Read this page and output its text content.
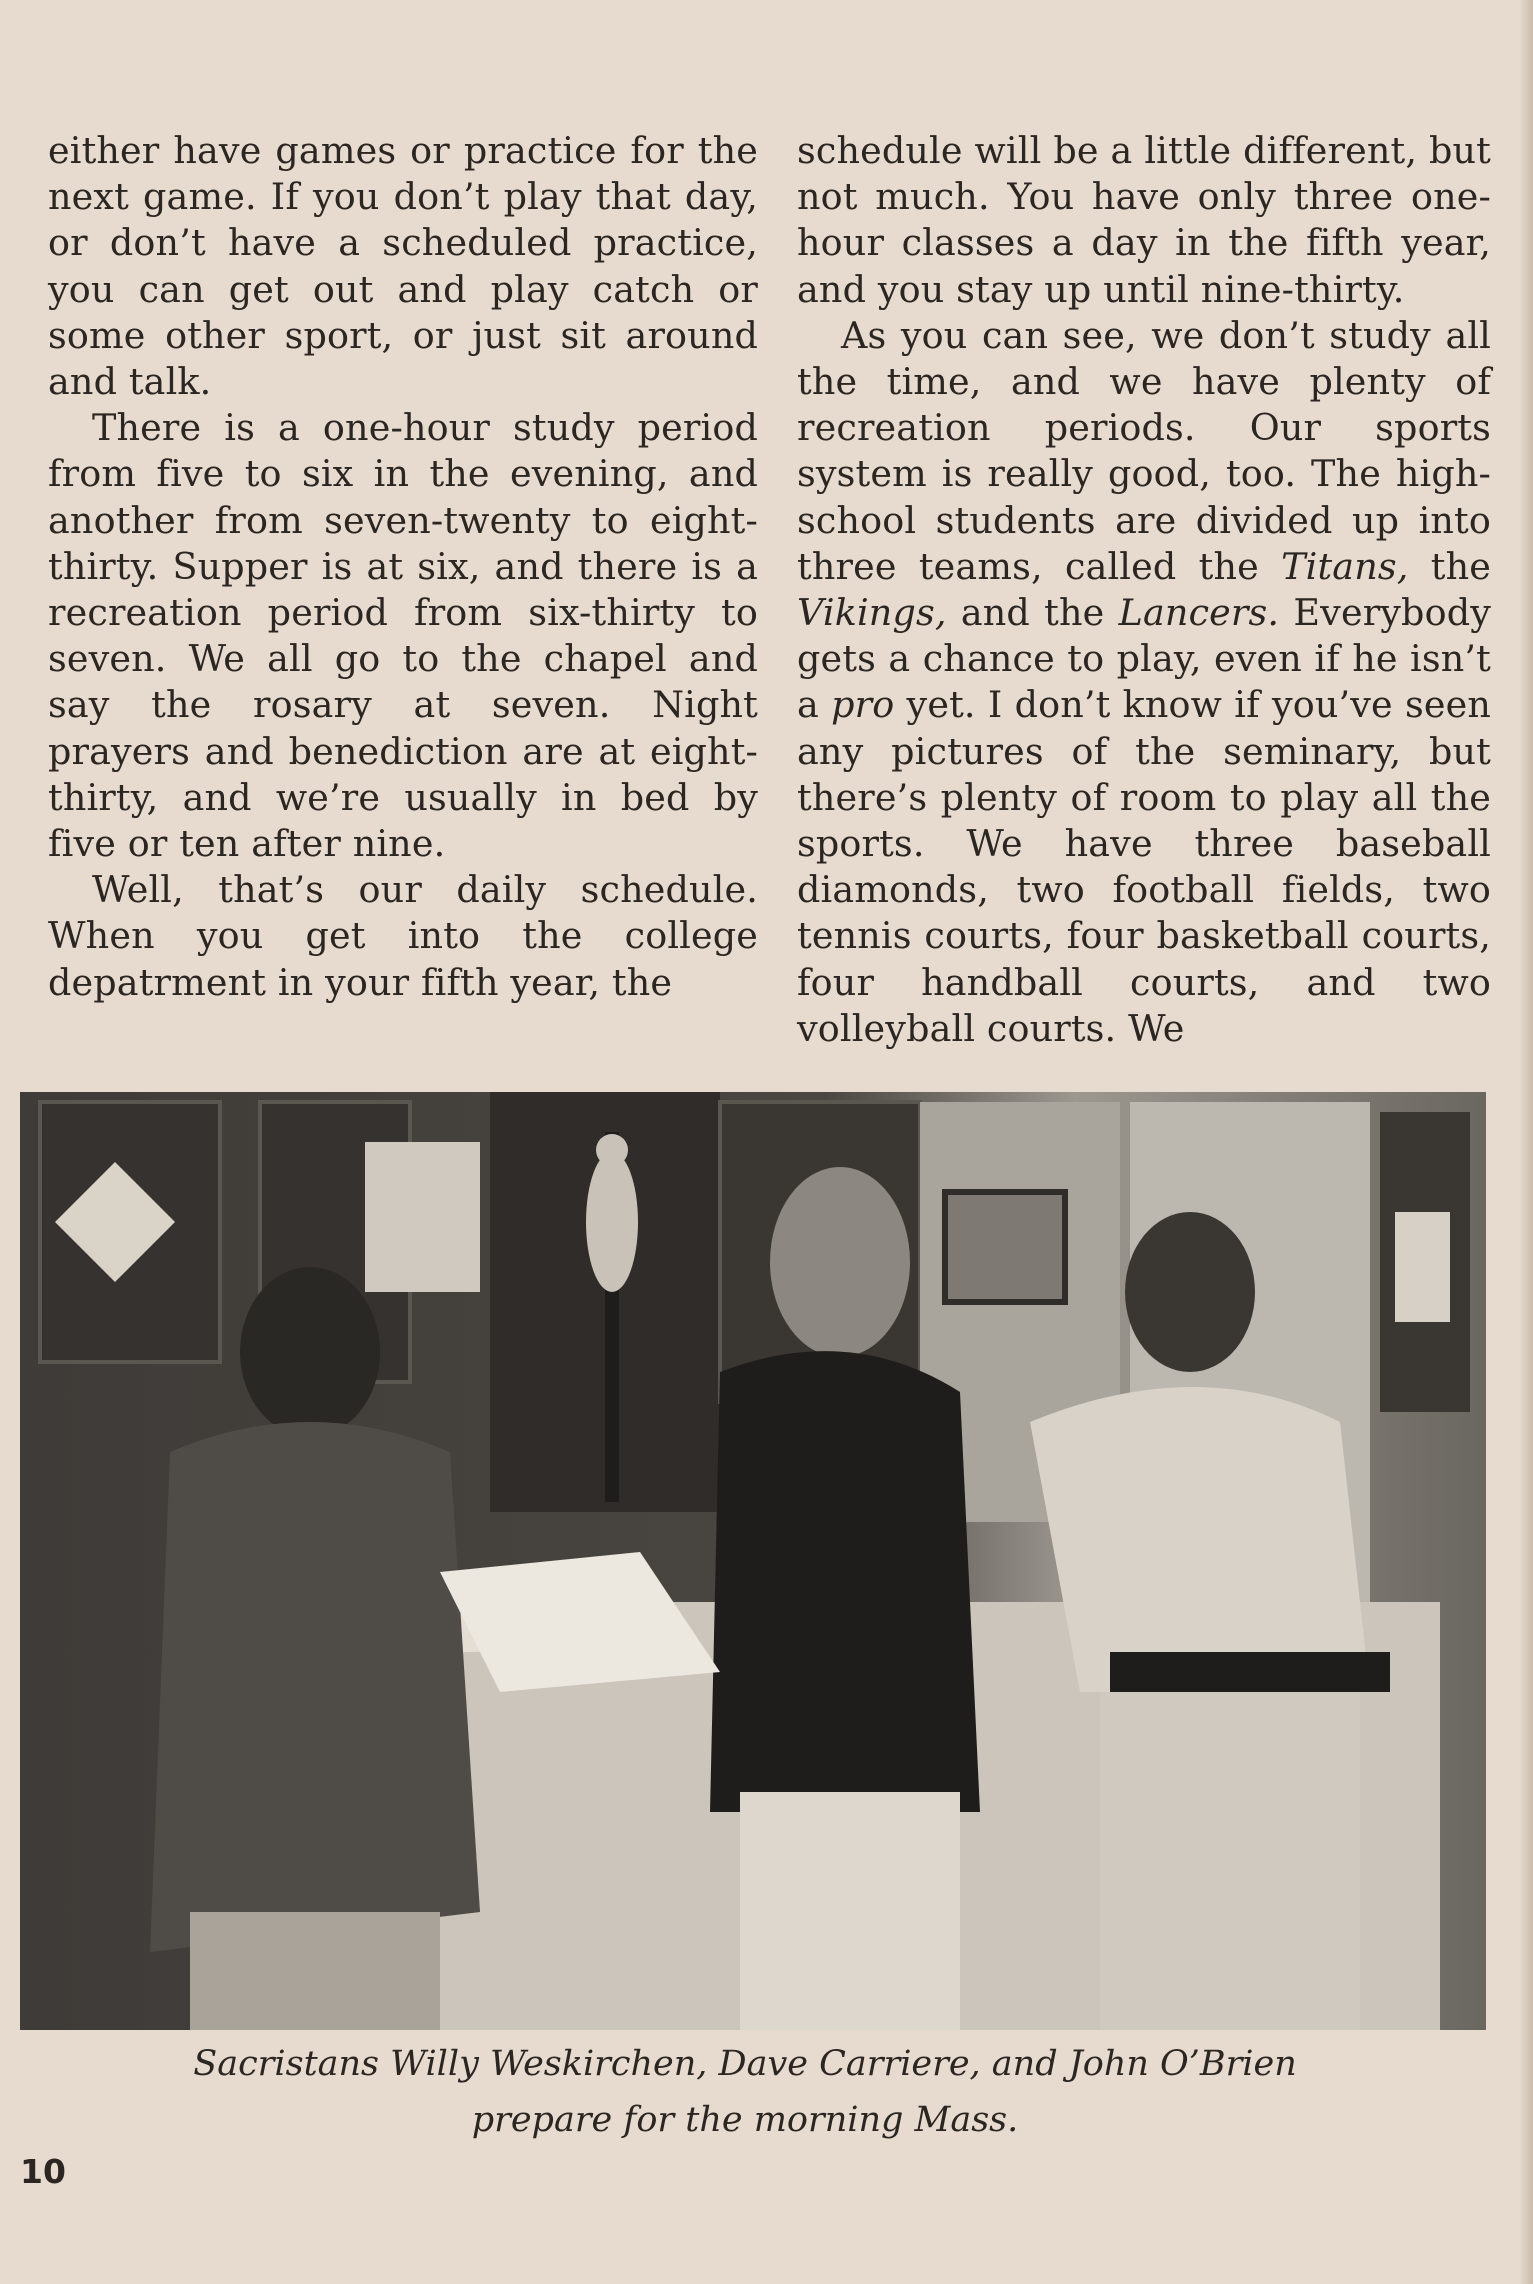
either have games or practice for the next game. If you don’t play that day, or don’t have a scheduled practice, you can get out and play catch or some other sport, or just sit around and talk.

There is a one-hour study period from five to six in the evening, and another from seven-twenty to eight-thirty. Supper is at six, and there is a recreation period from six-thirty to seven. We all go to the chapel and say the rosary at seven. Night prayers and benediction are at eight-thirty, and we’re usually in bed by five or ten after nine.

Well, that’s our daily schedule. When you get into the college depatrment in your fifth year, the

schedule will be a little different, but not much. You have only three one-hour classes a day in the fifth year, and you stay up until nine-thirty.

As you can see, we don’t study all the time, and we have plenty of recreation periods. Our sports system is really good, too. The high-school students are divided up into three teams, called the Titans, the Vikings, and the Lancers. Everybody gets a chance to play, even if he isn’t a pro yet. I don’t know if you’ve seen any pictures of the seminary, but there’s plenty of room to play all the sports. We have three baseball diamonds, two football fields, two tennis courts, four basketball courts, four handball courts, and two volleyball courts. We

Sacristans Willy Weskirchen, Dave Carriere, and John O’Brien
prepare for the morning Mass.
10
